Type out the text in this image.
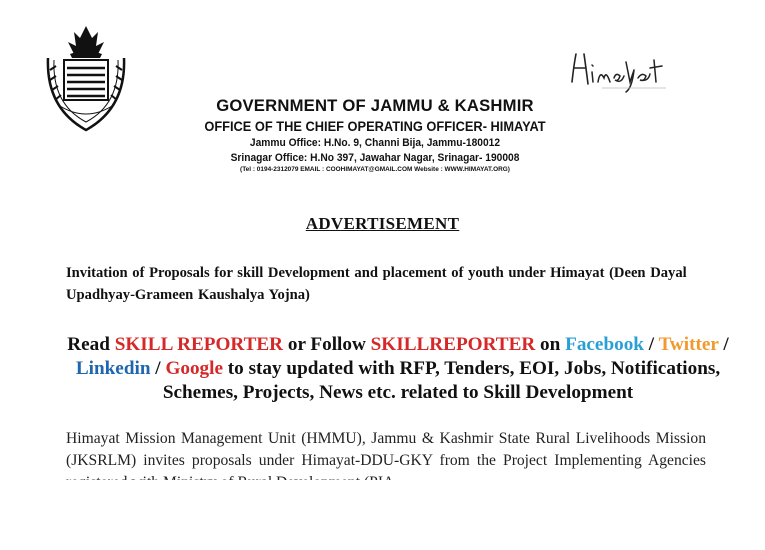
GOVERNMENT OF JAMMU & KASHMIR
OFFICE OF THE CHIEF OPERATING OFFICER- HIMAYAT
Jammu Office: H.No. 9, Channi Bija, Jammu-180012
Srinagar Office: H.No 397, Jawahar Nagar, Srinagar- 190008
(Tel : 0194-2312079 EMAIL : COOHIMAYAT@GMAIL.COM Website : WWW.HIMAYAT.ORG)
ADVERTISEMENT
Invitation of Proposals for skill Development and placement of youth under Himayat (Deen Dayal Upadhyay-Grameen Kaushalya Yojna)
Read SKILL REPORTER or Follow SKILLREPORTER on Facebook / Twitter / Linkedin / Google to stay updated with RFP, Tenders, EOI, Jobs, Notifications, Schemes, Projects, News etc. related to Skill Development
Himayat Mission Management Unit (HMMU), Jammu & Kashmir State Rural Livelihoods Mission (JKSRLM) invites proposals under Himayat-DDU-GKY from the Project Implementing Agencies
